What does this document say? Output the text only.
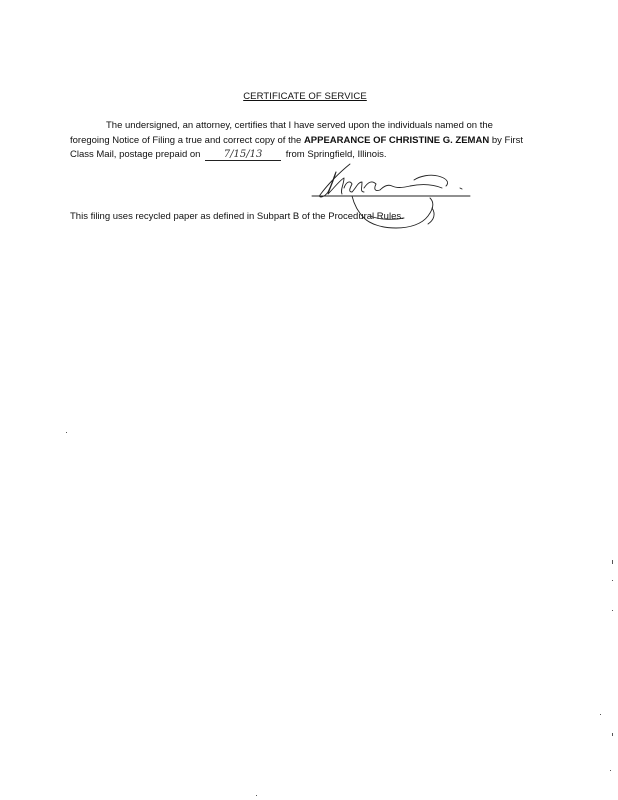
CERTIFICATE OF SERVICE
The undersigned, an attorney, certifies that I have served upon the individuals named on the
foregoing Notice of Filing a true and correct copy of the APPEARANCE OF CHRISTINE G. ZEMAN by First
Class Mail, postage prepaid on 7/15/13 from Springfield, Illinois.
This filing uses recycled paper as defined in Subpart B of the Procedural Rules.
